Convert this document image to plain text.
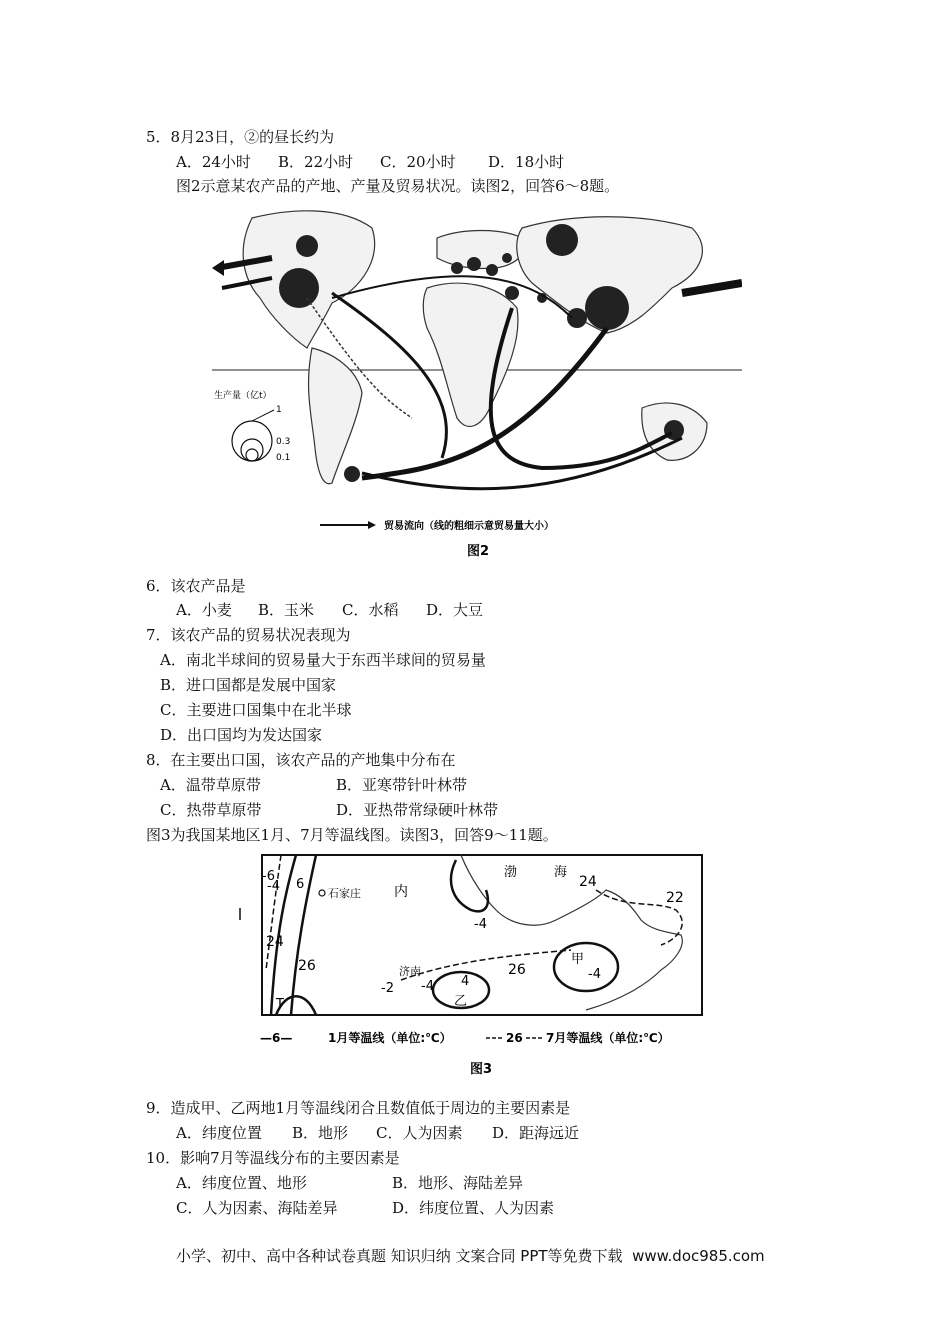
5．8月23日，②的昼长约为
A．24小时 B．22小时 C．20小时 D．18小时
图2示意某农产品的产地、产量及贸易状况。读图2，回答6～8题。
生产量（亿t）
1
0.3
0.1
贸易流向（线的粗细示意贸易量大小）
图2
6．该农产品是
A．小麦 B．玉米 C．水稻 D．大豆
7．该农产品的贸易状况表现为
A．南北半球间的贸易量大于东西半球间的贸易量
B．进口国都是发展中国家
C．主要进口国集中在北半球
D．出口国均为发达国家
8．在主要出口国，该农产品的产地集中分布在
A．温带草原带	B．亚寒带针叶林带
C．热带草原带	D．亚热带常绿硬叶林带
图3为我国某地区1月、7月等温线图。读图3，回答9～11题。
-4
-6
6
24
26
-4
26
24
22
-4
4
-2 -4
石家庄 内
渤	海
济南
甲
乙
T
—6—	1月等温线（单位:℃）	26 7月等温线（单位:℃）
图3
9．造成甲、乙两地1月等温线闭合且数值低于周边的主要因素是
A．纬度位置 B．地形 C．人为因素 D．距海远近
10．影响7月等温线分布的主要因素是
A．纬度位置、地形	B．地形、海陆差异
C．人为因素、海陆差异	D．纬度位置、人为因素
小学、初中、高中各种试卷真题 知识归纳 文案合同 PPT等免费下载  www.doc985.com
